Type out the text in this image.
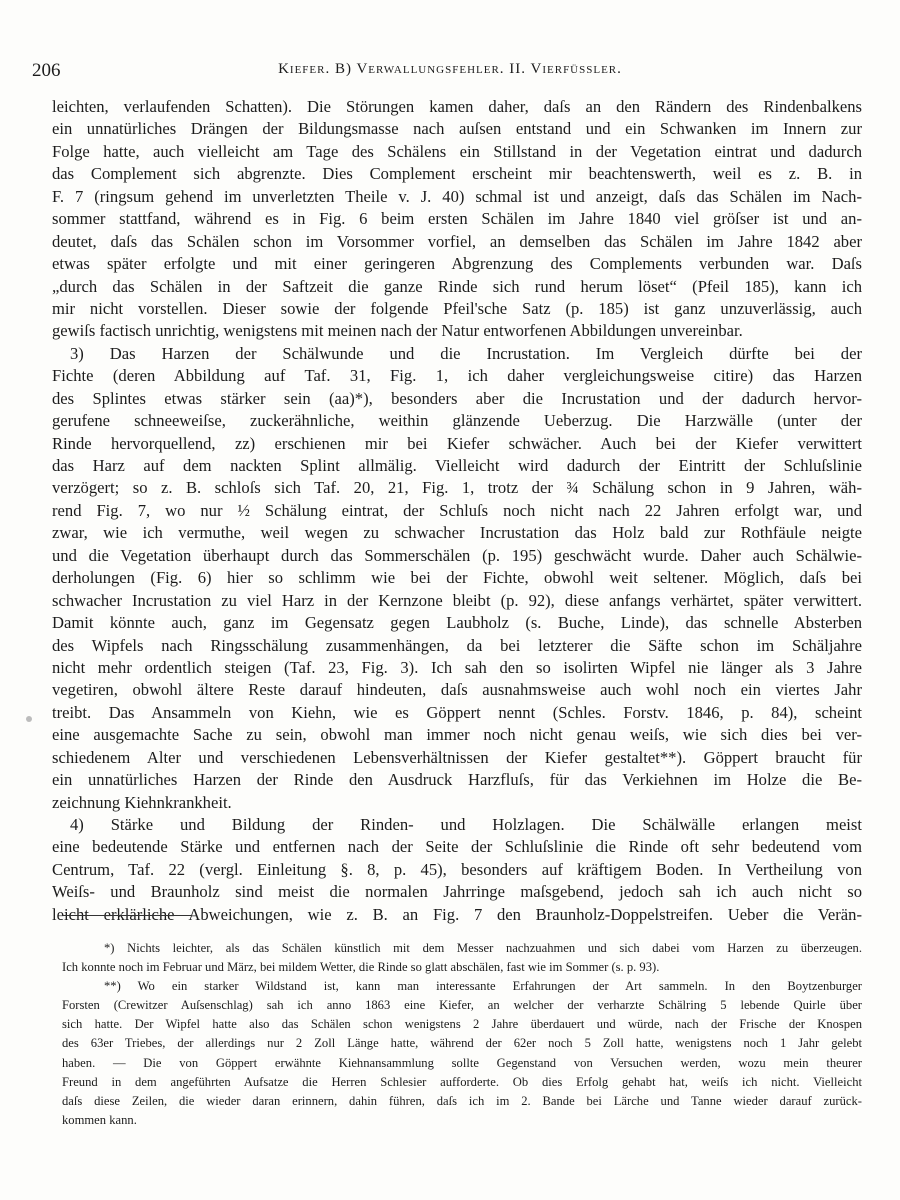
206	Kiefer. B) Verwallungsfehler. II. Vierfüssler.
leichten, verlaufenden Schatten). Die Störungen kamen daher, daſs an den Rändern des Rindenbalkens
ein unnatürliches Drängen der Bildungsmasse nach auſsen entstand und ein Schwanken im Innern zur
Folge hatte, auch vielleicht am Tage des Schälens ein Stillstand in der Vegetation eintrat und dadurch
das Complement sich abgrenzte. Dies Complement erscheint mir beachtenswerth, weil es z. B. in
F. 7 (ringsum gehend im unverletzten Theile v. J. 40) schmal ist und anzeigt, daſs das Schälen im Nach-
sommer stattfand, während es in Fig. 6 beim ersten Schälen im Jahre 1840 viel gröſser ist und an-
deutet, daſs das Schälen schon im Vorsommer vorfiel, an demselben das Schälen im Jahre 1842 aber
etwas später erfolgte und mit einer geringeren Abgrenzung des Complements verbunden war. Daſs
„durch das Schälen in der Saftzeit die ganze Rinde sich rund herum löset“ (Pfeil 185), kann ich
mir nicht vorstellen. Dieser sowie der folgende Pfeil'sche Satz (p. 185) ist ganz unzuverlässig, auch
gewiſs factisch unrichtig, wenigstens mit meinen nach der Natur entworfenen Abbildungen unvereinbar.
3) Das Harzen der Schälwunde und die Incrustation. Im Vergleich dürfte bei der
Fichte (deren Abbildung auf Taf. 31, Fig. 1, ich daher vergleichungsweise citire) das Harzen
des Splintes etwas stärker sein (aa)*), besonders aber die Incrustation und der dadurch hervor-
gerufene schneeweiſse, zuckerähnliche, weithin glänzende Ueberzug. Die Harzwälle (unter der
Rinde hervorquellend, zz) erschienen mir bei Kiefer schwächer. Auch bei der Kiefer verwittert
das Harz auf dem nackten Splint allmälig. Vielleicht wird dadurch der Eintritt der Schluſslinie
verzögert; so z. B. schloſs sich Taf. 20, 21, Fig. 1, trotz der ¾ Schälung schon in 9 Jahren, wäh-
rend Fig. 7, wo nur ½ Schälung eintrat, der Schluſs noch nicht nach 22 Jahren erfolgt war, und
zwar, wie ich vermuthe, weil wegen zu schwacher Incrustation das Holz bald zur Rothfäule neigte
und die Vegetation überhaupt durch das Sommerschälen (p. 195) geschwächt wurde. Daher auch Schälwie-
derholungen (Fig. 6) hier so schlimm wie bei der Fichte, obwohl weit seltener. Möglich, daſs bei
schwacher Incrustation zu viel Harz in der Kernzone bleibt (p. 92), diese anfangs verhärtet, später verwittert.
Damit könnte auch, ganz im Gegensatz gegen Laubholz (s. Buche, Linde), das schnelle Absterben
des Wipfels nach Ringsschälung zusammenhängen, da bei letzterer die Säfte schon im Schäljahre
nicht mehr ordentlich steigen (Taf. 23, Fig. 3). Ich sah den so isolirten Wipfel nie länger als 3 Jahre
vegetiren, obwohl ältere Reste darauf hindeuten, daſs ausnahmsweise auch wohl noch ein viertes Jahr
treibt. Das Ansammeln von Kiehn, wie es Göppert nennt (Schles. Forstv. 1846, p. 84), scheint
eine ausgemachte Sache zu sein, obwohl man immer noch nicht genau weiſs, wie sich dies bei ver-
schiedenem Alter und verschiedenen Lebensverhältnissen der Kiefer gestaltet**). Göppert braucht für
ein unnatürliches Harzen der Rinde den Ausdruck Harzfluſs, für das Verkiehnen im Holze die Be-
zeichnung Kiehnkrankheit.
4) Stärke und Bildung der Rinden- und Holzlagen. Die Schälwälle erlangen meist
eine bedeutende Stärke und entfernen nach der Seite der Schluſslinie die Rinde oft sehr bedeutend vom
Centrum, Taf. 22 (vergl. Einleitung §. 8, p. 45), besonders auf kräftigem Boden. In Vertheilung von
Weiſs- und Braunholz sind meist die normalen Jahrringe maſsgebend, jedoch sah ich auch nicht so
leicht erklärliche Abweichungen, wie z. B. an Fig. 7 den Braunholz-Doppelstreifen. Ueber die Verän-
*) Nichts leichter, als das Schälen künstlich mit dem Messer nachzuahmen und sich dabei vom Harzen zu überzeugen.
Ich konnte noch im Februar und März, bei mildem Wetter, die Rinde so glatt abschälen, fast wie im Sommer (s. p. 93).
**) Wo ein starker Wildstand ist, kann man interessante Erfahrungen der Art sammeln. In den Boytzenburger
Forsten (Crewitzer Auſsenschlag) sah ich anno 1863 eine Kiefer, an welcher der verharzte Schälring 5 lebende Quirle über
sich hatte. Der Wipfel hatte also das Schälen schon wenigstens 2 Jahre überdauert und würde, nach der Frische der Knospen
des 63er Triebes, der allerdings nur 2 Zoll Länge hatte, während der 62er noch 5 Zoll hatte, wenigstens noch 1 Jahr gelebt
haben. — Die von Göppert erwähnte Kiehnansammlung sollte Gegenstand von Versuchen werden, wozu mein theurer
Freund in dem angeführten Aufsatze die Herren Schlesier aufforderte. Ob dies Erfolg gehabt hat, weiſs ich nicht. Vielleicht
daſs diese Zeilen, die wieder daran erinnern, dahin führen, daſs ich im 2. Bande bei Lärche und Tanne wieder darauf zurück-
kommen kann.
